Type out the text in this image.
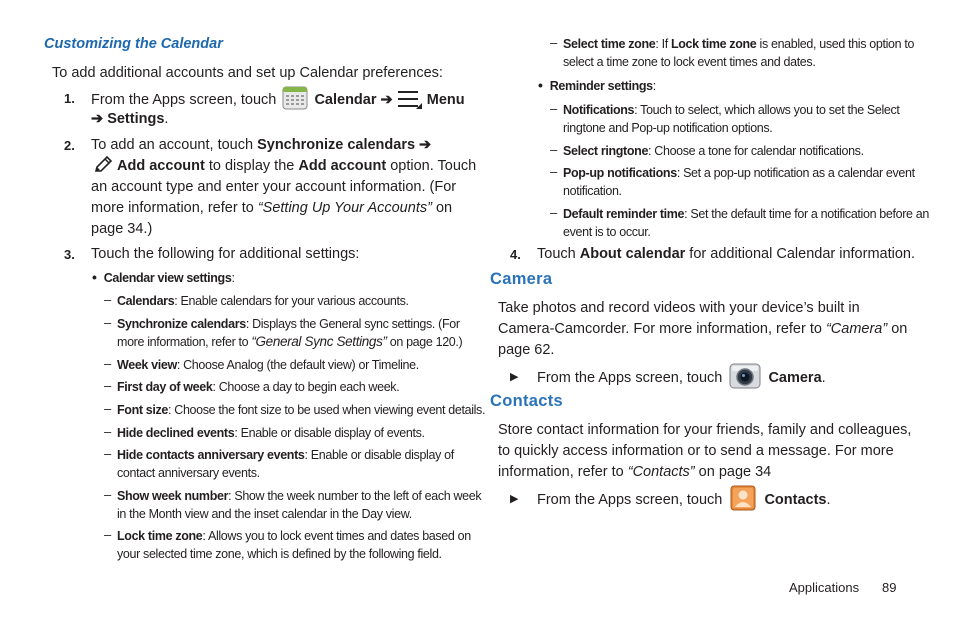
Customizing the Calendar
To add additional accounts and set up Calendar preferences:
1. From the Apps screen, touch	Calendar ➔ Menu
➔ Settings.
2. To add an account, touch Synchronize calendars ➔
Add account to display the Add account option. Touch
an account type and enter your account information. (For
more information, refer to “Setting Up Your Accounts” on
page 34.)
3. Touch the following for additional settings:
• Calendar view settings:
– Calendars: Enable calendars for your various accounts.
– Synchronize calendars: Displays the General sync settings. (For
more information, refer to “General Sync Settings” on page 120.)
– Week view: Choose Analog (the default view) or Timeline.
– First day of week: Choose a day to begin each week.
– Font size: Choose the font size to be used when viewing event details.
– Hide declined events: Enable or disable display of events.
– Hide contacts anniversary events: Enable or disable display of
contact anniversary events.
– Show week number: Show the week number to the left of each week
in the Month view and the inset calendar in the Day view.
– Lock time zone: Allows you to lock event times and dates based on
your selected time zone, which is defined by the following field.
– Select time zone: If Lock time zone is enabled, used this option to
select a time zone to lock event times and dates.
• Reminder settings:
– Notifications: Touch to select, which allows you to set the Select
ringtone and Pop-up notification options.
– Select ringtone: Choose a tone for calendar notifications.
– Pop-up notifications: Set a pop-up notification as a calendar event
notification.
– Default reminder time: Set the default time for a notification before an
event is to occur.
4. Touch About calendar for additional Calendar information.
Camera
Take photos and record videos with your device’s built in
Camera-Camcorder. For more information, refer to “Camera” on
page 62.
▶ From the Apps screen, touch	Camera.
Contacts
Store contact information for your friends, family and colleagues,
to quickly access information or to send a message. For more
information, refer to “Contacts” on page 34
▶ From the Apps screen, touch	Contacts.
Applications 89
